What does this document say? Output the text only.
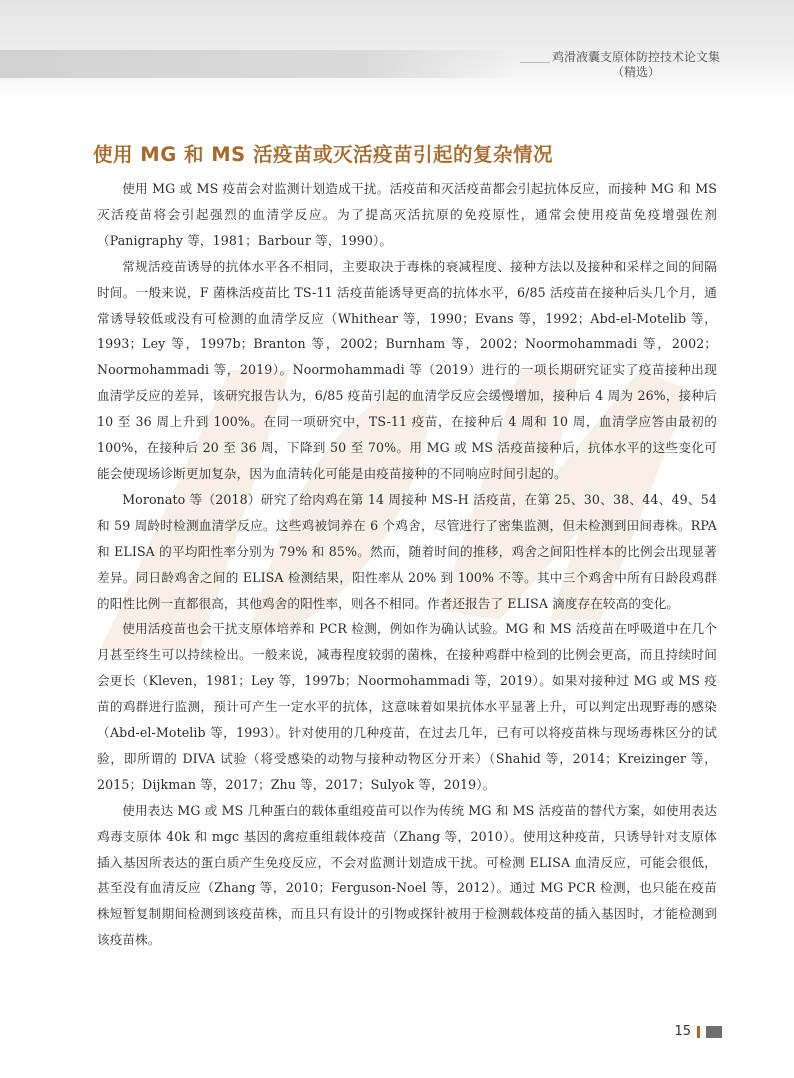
鸡滑液囊支原体防控技术论文集
（精选）
使用 MG 和 MS 活疫苗或灭活疫苗引起的复杂情况

使用 MG 或 MS 疫苗会对监测计划造成干扰。活疫苗和灭活疫苗都会引起抗体反应，而接种 MG 和 MS 灭活疫苗将会引起强烈的血清学反应。为了提高灭活抗原的免疫原性，通常会使用疫苗免疫增强佐剂（Panigraphy 等，1981；Barbour 等，1990）。

常规活疫苗诱导的抗体水平各不相同，主要取决于毒株的衰减程度、接种方法以及接种和采样之间的间隔时间。一般来说，F 菌株活疫苗比 TS-11 活疫苗能诱导更高的抗体水平，6/85 活疫苗在接种后头几个月，通常诱导较低或没有可检测的血清学反应（Whithear 等，1990；Evans 等，1992；Abd-el-Motelib 等，1993；Ley 等，1997b；Branton 等，2002；Burnham 等，2002；Noormohammadi 等，2002；Noormohammadi 等，2019）。Noormohammadi 等（2019）进行的一项长期研究证实了疫苗接种出现血清学反应的差异，该研究报告认为，6/85 疫苗引起的血清学反应会缓慢增加，接种后 4 周为 26%，接种后 10 至 36 周上升到 100%。在同一项研究中，TS-11 疫苗，在接种后 4 周和 10 周，血清学应答由最初的 100%，在接种后 20 至 36 周，下降到 50 至 70%。用 MG 或 MS 活疫苗接种后，抗体水平的这些变化可能会使现场诊断更加复杂，因为血清转化可能是由疫苗接种的不同响应时间引起的。

Moronato 等（2018）研究了给肉鸡在第 14 周接种 MS-H 活疫苗，在第 25、30、38、44、49、54 和 59 周龄时检测血清学反应。这些鸡被饲养在 6 个鸡舍，尽管进行了密集监测，但未检测到田间毒株。RPA 和 ELISA 的平均阳性率分别为 79% 和 85%。然而，随着时间的推移，鸡舍之间阳性样本的比例会出现显著差异。同日龄鸡舍之间的 ELISA 检测结果，阳性率从 20% 到 100% 不等。其中三个鸡舍中所有日龄段鸡群的阳性比例一直都很高，其他鸡舍的阳性率，则各不相同。作者还报告了 ELISA 滴度存在较高的变化。

使用活疫苗也会干扰支原体培养和 PCR 检测，例如作为确认试验。MG 和 MS 活疫苗在呼吸道中在几个月甚至终生可以持续检出。一般来说，减毒程度较弱的菌株，在接种鸡群中检到的比例会更高，而且持续时间会更长（Kleven，1981；Ley 等，1997b；Noormohammadi 等，2019）。如果对接种过 MG 或 MS 疫苗的鸡群进行监测，预计可产生一定水平的抗体，这意味着如果抗体水平显著上升，可以判定出现野毒的感染（Abd-el-Motelib 等，1993）。针对使用的几种疫苗，在过去几年，已有可以将疫苗株与现场毒株区分的试验，即所谓的 DIVA 试验（将受感染的动物与接种动物区分开来）（Shahid 等，2014；Kreizinger 等，2015；Dijkman 等，2017；Zhu 等，2017；Sulyok 等，2019）。

使用表达 MG 或 MS 几种蛋白的载体重组疫苗可以作为传统 MG 和 MS 活疫苗的替代方案，如使用表达鸡毒支原体 40k 和 mgc 基因的禽痘重组载体疫苗（Zhang 等，2010）。使用这种疫苗，只诱导针对支原体插入基因所表达的蛋白质产生免疫反应，不会对监测计划造成干扰。可检测 ELISA 血清反应，可能会很低，甚至没有血清反应（Zhang 等，2010；Ferguson-Noel 等，2012）。通过 MG PCR 检测，也只能在疫苗株短暂复制期间检测到该疫苗株，而且只有设计的引物或探针被用于检测载体疫苗的插入基因时，才能检测到该疫苗株。

15
